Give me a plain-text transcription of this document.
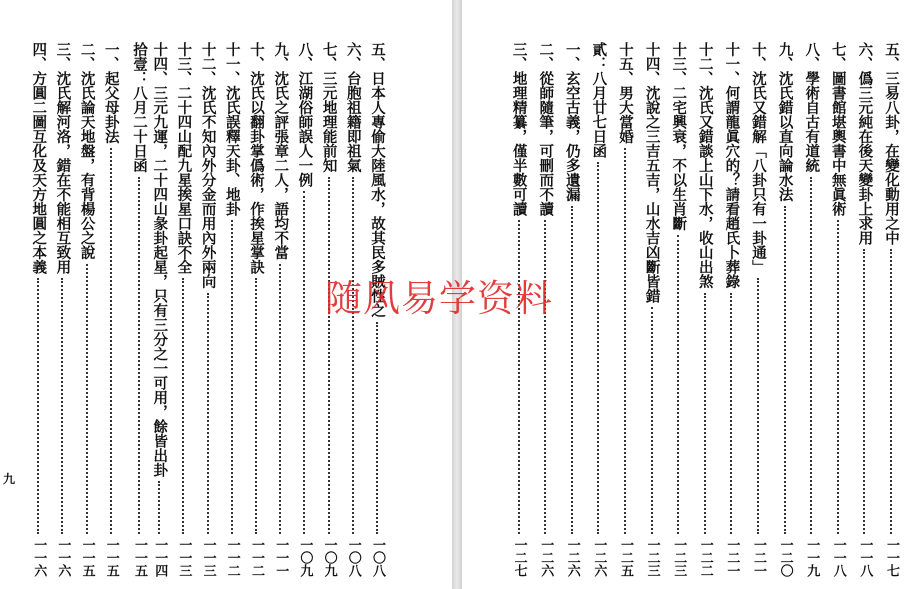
五、日本人專偷大陸風水，故其民多賊性之
一〇八
六、台胞祖籍即祖氣
一〇八
七、三元地理能前知
一〇九
八、江湖俗師誤人一例
一〇九
九、沈氏之評張章二人，語均不當
一一一
十、沈氏以翻卦掌僞術，作挨星掌訣
一一二
十一、沈氏誤釋天卦、地卦
一一二
十二、沈氏不知內外分金而用內外兩向
一一三
十三、二十四山配九星挨星口訣不全
一一三
十四、三元九運，二十四山彖卦起星，只有三分之一可用，餘皆出卦
一一四
拾壹：八月二十日函
一一五
一、起父母卦法
一一五
二、沈氏論天地盤，有背楊公之說
一一五
三、沈氏解河洛，錯在不能相互致用
一一六
四、方圓二圖互化及天方地圓之本義
一一六
九
五、三易八卦，在變化動用之中
一一七
六、僞三元純在後天變卦上求用
一一八
七、圖書館堪輿書中無眞術
一一八
八、學術自古有道統
一一九
九、沈氏錯以直向論水法
一二〇
十、沈氏又錯解「八卦只有一卦通」
一二一
十一、何謂龍眞穴的？請看趙氏卜葬錄
一二一
十二、沈氏又錯談上山下水，收山出煞
一二二
十三、二宅興衰，不以生肖斷
一二三
十四、沈說之三吉五吉，山水吉凶斷皆錯
一二三
十五、男大當婚
一二五
貳：八月廿七日函
一二六
一、玄空古義，仍多遺漏
一二六
二、從師隨筆，可刪而不讀
一二六
三、地理精纂，僅半數可讀
一二七
随风易学资料
